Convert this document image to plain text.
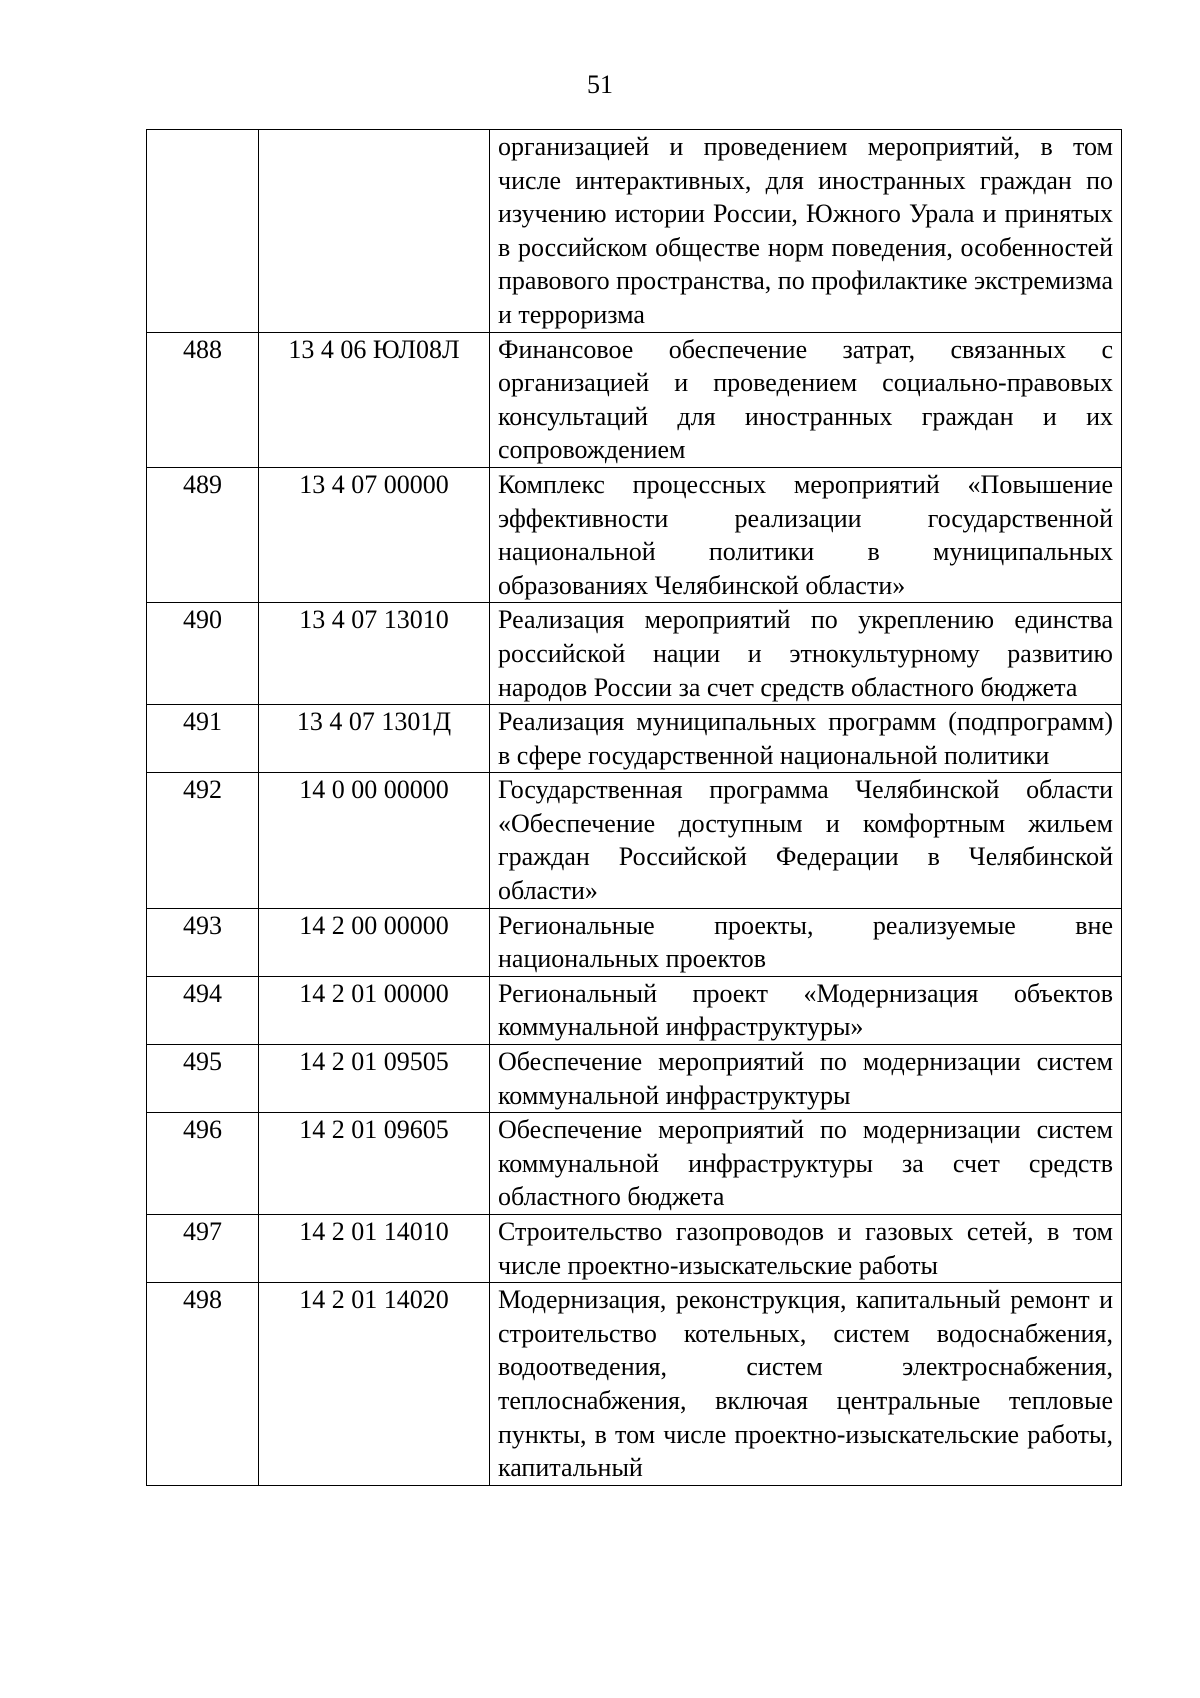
51
		организацией и проведением мероприятий, в том числе интерактивных, для иностранных граждан по изучению истории России, Южного Урала и принятых в российском обществе норм поведения, особенностей правового пространства, по профилактике экстремизма и терроризма
488	13 4 06 ЮЛ08Л	Финансовое обеспечение затрат, связанных с организацией и проведением социально-правовых консультаций для иностранных граждан и их сопровождением
489	13 4 07 00000	Комплекс процессных мероприятий «Повышение эффективности реализации государственной национальной политики в муниципальных образованиях Челябинской области»
490	13 4 07 13010	Реализация мероприятий по укреплению единства российской нации и этнокультурному развитию народов России за счет средств областного бюджета
491	13 4 07 1301Д	Реализация муниципальных программ (подпрограмм) в сфере государственной национальной политики
492	14 0 00 00000	Государственная программа Челябинской области «Обеспечение доступным и комфортным жильем граждан Российской Федерации в Челябинской области»
493	14 2 00 00000	Региональные проекты, реализуемые вне национальных проектов
494	14 2 01 00000	Региональный проект «Модернизация объектов коммунальной инфраструктуры»
495	14 2 01 09505	Обеспечение мероприятий по модернизации систем коммунальной инфраструктуры
496	14 2 01 09605	Обеспечение мероприятий по модернизации систем коммунальной инфраструктуры за счет средств областного бюджета
497	14 2 01 14010	Строительство газопроводов и газовых сетей, в том числе проектно-изыскательские работы
498	14 2 01 14020	Модернизация, реконструкция, капитальный ремонт и строительство котельных, систем водоснабжения, водоотведения, систем электроснабжения, теплоснабжения, включая центральные тепловые пункты, в том числе проектно-изыскательские работы, капитальный
